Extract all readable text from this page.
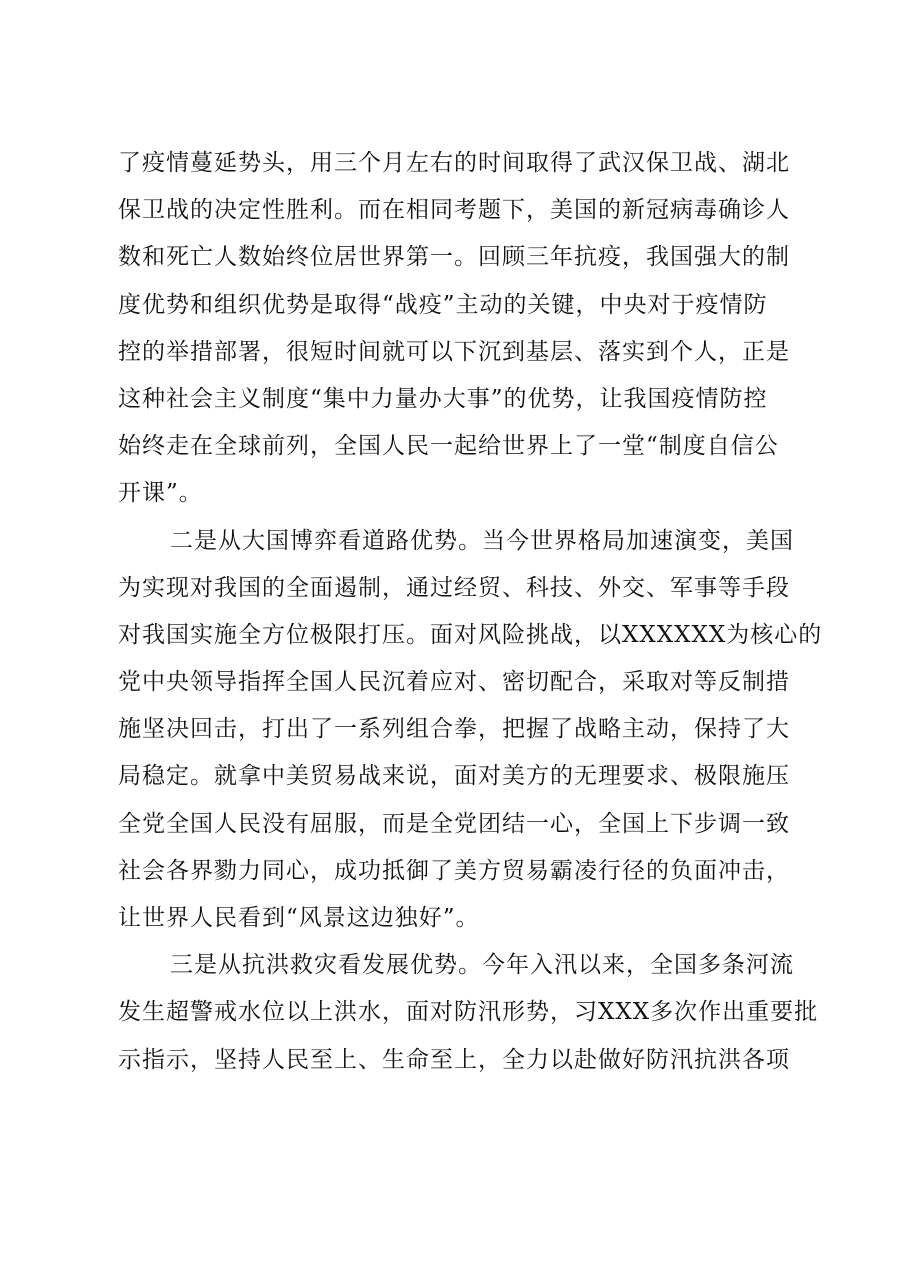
了疫情蔓延势头，用三个月左右的时间取得了武汉保卫战、湖北
保卫战的决定性胜利。而在相同考题下，美国的新冠病毒确诊人
数和死亡人数始终位居世界第一。回顾三年抗疫，我国强大的制
度优势和组织优势是取得“战疫”主动的关键，中央对于疫情防
控的举措部署，很短时间就可以下沉到基层、落实到个人，正是
这种社会主义制度“集中力量办大事”的优势，让我国疫情防控
始终走在全球前列，全国人民一起给世界上了一堂“制度自信公
开课”。
二是从大国博弈看道路优势。当今世界格局加速演变，美国
为实现对我国的全面遏制，通过经贸、科技、外交、军事等手段
对我国实施全方位极限打压。面对风险挑战，以XXXXXX为核心的
党中央领导指挥全国人民沉着应对、密切配合，采取对等反制措
施坚决回击，打出了一系列组合拳，把握了战略主动，保持了大
局稳定。就拿中美贸易战来说，面对美方的无理要求、极限施压
全党全国人民没有屈服，而是全党团结一心，全国上下步调一致
社会各界勠力同心，成功抵御了美方贸易霸凌行径的负面冲击，
让世界人民看到“风景这边独好”。
三是从抗洪救灾看发展优势。今年入汛以来，全国多条河流
发生超警戒水位以上洪水，面对防汛形势，习XXX多次作出重要批
示指示，坚持人民至上、生命至上，全力以赴做好防汛抗洪各项
